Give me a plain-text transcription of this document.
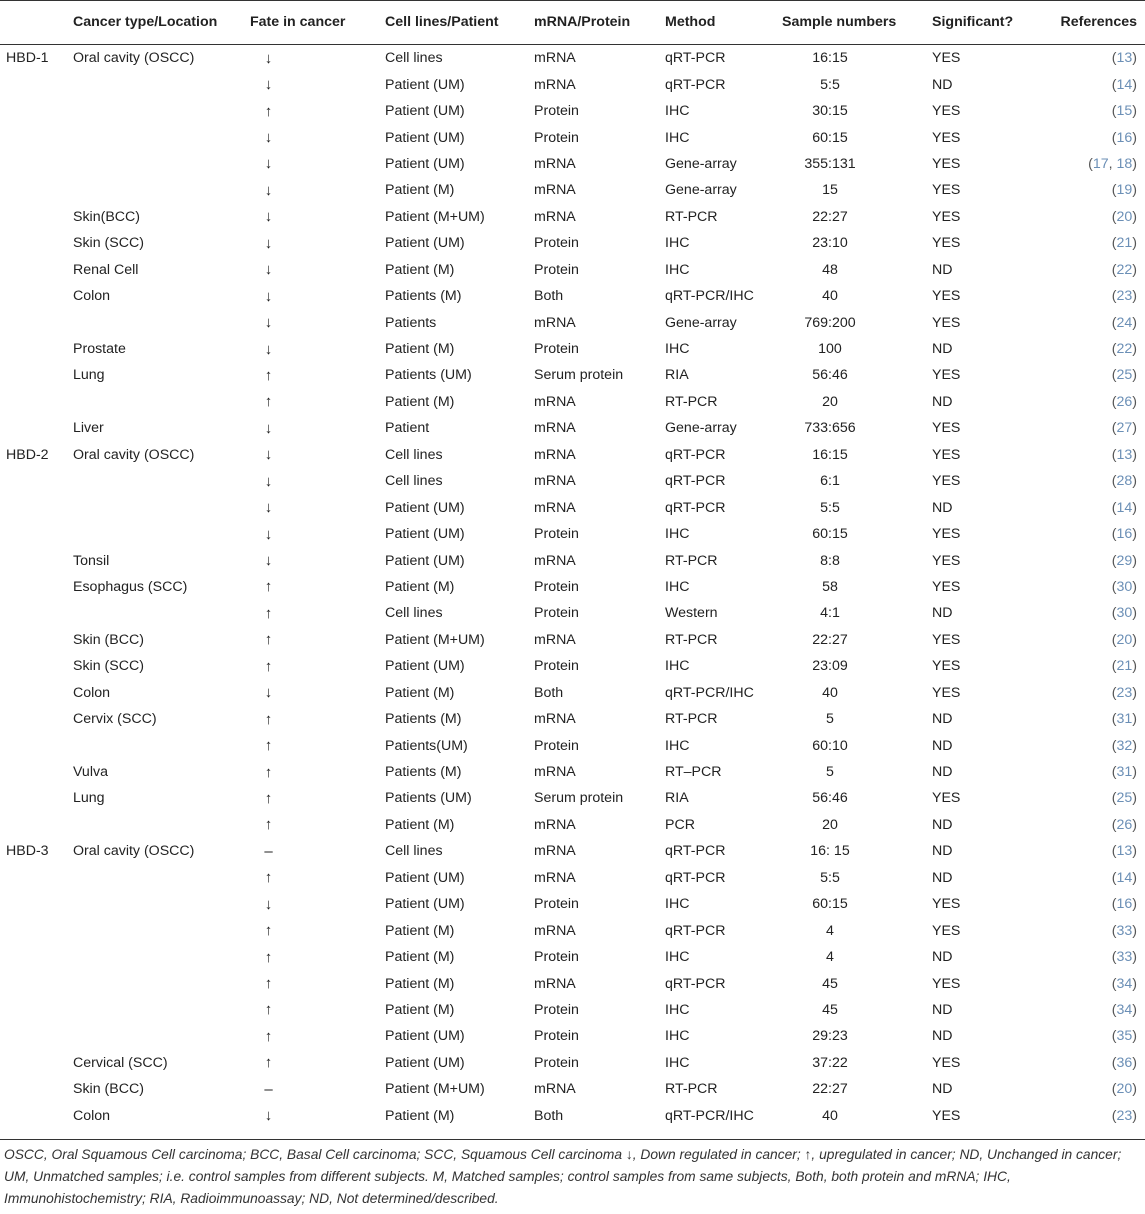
	Cancer type/Location	Fate in cancer	Cell lines/Patient	mRNA/Protein	Method	Sample numbers	Significant?	References
HBD-1	Oral cavity (OSCC)	↓	Cell lines	mRNA	qRT-PCR	16:15	YES	(13)
		↓	Patient (UM)	mRNA	qRT-PCR	5:5	ND	(14)
		↑	Patient (UM)	Protein	IHC	30:15	YES	(15)
		↓	Patient (UM)	Protein	IHC	60:15	YES	(16)
		↓	Patient (UM)	mRNA	Gene-array	355:131	YES	(17, 18)
		↓	Patient (M)	mRNA	Gene-array	15	YES	(19)
	Skin(BCC)	↓	Patient (M+UM)	mRNA	RT-PCR	22:27	YES	(20)
	Skin (SCC)	↓	Patient (UM)	Protein	IHC	23:10	YES	(21)
	Renal Cell	↓	Patient (M)	Protein	IHC	48	ND	(22)
	Colon	↓	Patients (M)	Both	qRT-PCR/IHC	40	YES	(23)
		↓	Patients	mRNA	Gene-array	769:200	YES	(24)
	Prostate	↓	Patient (M)	Protein	IHC	100	ND	(22)
	Lung	↑	Patients (UM)	Serum protein	RIA	56:46	YES	(25)
		↑	Patient (M)	mRNA	RT-PCR	20	ND	(26)
	Liver	↓	Patient	mRNA	Gene-array	733:656	YES	(27)
HBD-2	Oral cavity (OSCC)	↓	Cell lines	mRNA	qRT-PCR	16:15	YES	(13)
		↓	Cell lines	mRNA	qRT-PCR	6:1	YES	(28)
		↓	Patient (UM)	mRNA	qRT-PCR	5:5	ND	(14)
		↓	Patient (UM)	Protein	IHC	60:15	YES	(16)
	Tonsil	↓	Patient (UM)	mRNA	RT-PCR	8:8	YES	(29)
	Esophagus (SCC)	↑	Patient (M)	Protein	IHC	58	YES	(30)
		↑	Cell lines	Protein	Western	4:1	ND	(30)
	Skin (BCC)	↑	Patient (M+UM)	mRNA	RT-PCR	22:27	YES	(20)
	Skin (SCC)	↑	Patient (UM)	Protein	IHC	23:09	YES	(21)
	Colon	↓	Patient (M)	Both	qRT-PCR/IHC	40	YES	(23)
	Cervix (SCC)	↑	Patients (M)	mRNA	RT-PCR	5	ND	(31)
		↑	Patients(UM)	Protein	IHC	60:10	ND	(32)
	Vulva	↑	Patients (M)	mRNA	RT–PCR	5	ND	(31)
	Lung	↑	Patients (UM)	Serum protein	RIA	56:46	YES	(25)
		↑	Patient (M)	mRNA	PCR	20	ND	(26)
HBD-3	Oral cavity (OSCC)	–	Cell lines	mRNA	qRT-PCR	16: 15	ND	(13)
		↑	Patient (UM)	mRNA	qRT-PCR	5:5	ND	(14)
		↓	Patient (UM)	Protein	IHC	60:15	YES	(16)
		↑	Patient (M)	mRNA	qRT-PCR	4	YES	(33)
		↑	Patient (M)	Protein	IHC	4	ND	(33)
		↑	Patient (M)	mRNA	qRT-PCR	45	YES	(34)
		↑	Patient (M)	Protein	IHC	45	ND	(34)
		↑	Patient (UM)	Protein	IHC	29:23	ND	(35)
	Cervical (SCC)	↑	Patient (UM)	Protein	IHC	37:22	YES	(36)
	Skin (BCC)	–	Patient (M+UM)	mRNA	RT-PCR	22:27	ND	(20)
	Colon	↓	Patient (M)	Both	qRT-PCR/IHC	40	YES	(23)
OSCC, Oral Squamous Cell carcinoma; BCC, Basal Cell carcinoma; SCC, Squamous Cell carcinoma ↓, Down regulated in cancer; ↑, upregulated in cancer; ND, Unchanged in cancer; UM, Unmatched samples; i.e. control samples from different subjects. M, Matched samples; control samples from same subjects, Both, both protein and mRNA; IHC, Immunohistochemistry; RIA, Radioimmunoassay; ND, Not determined/described.
